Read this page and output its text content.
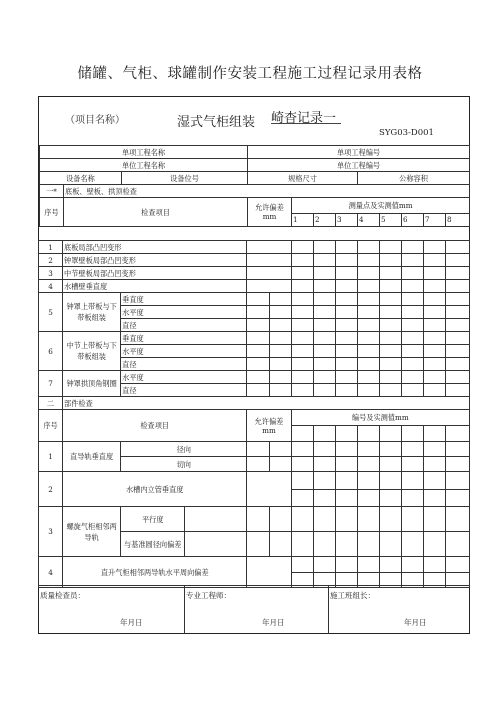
储罐、气柜、球罐制作安装工程施工过程记录用表格
（项目名称）	湿式气柜组装 崎杳记录一
SYG03-D001
单项工程名称			单项工程编号								
单位工程名称			单位工程编号								
设备名称		设备位号	规格尺寸				公称容积				
一*	底板、壁板、拱顶检查										
序号	检查项目		允许偏差mm	测量点及实测值mm							
				1	2	3	4	5	6	7	8
1	底板局部凸凹变形												
2	钟罩壁板局部凸凹变形												
3	中节壁板局部凸凹变形												
4	水槽壁垂直度												
5	钟罩上带板与下带板组装	垂直度											
		水平度											
		直径											
6	中节上带板与下带板组装	垂直度											
		水平度											
		直径											
7	钟罩拱顶角钢圈	水平度											
		直径											
二	部件检查												
序号	检查项目			允许偏差mm		编号及实测值mm							

1	直导轨垂直度	径向											
		切向											
2	水槽内立管垂直度												

3	螺旋气柜相邻两导轨	平行度											
		与基准圆径向偏差											
4	直升气柜相邻两导轨水平周向偏差												

质量检查员：	专业工程师：	施工班组长：
年月日	年月日	年月日
